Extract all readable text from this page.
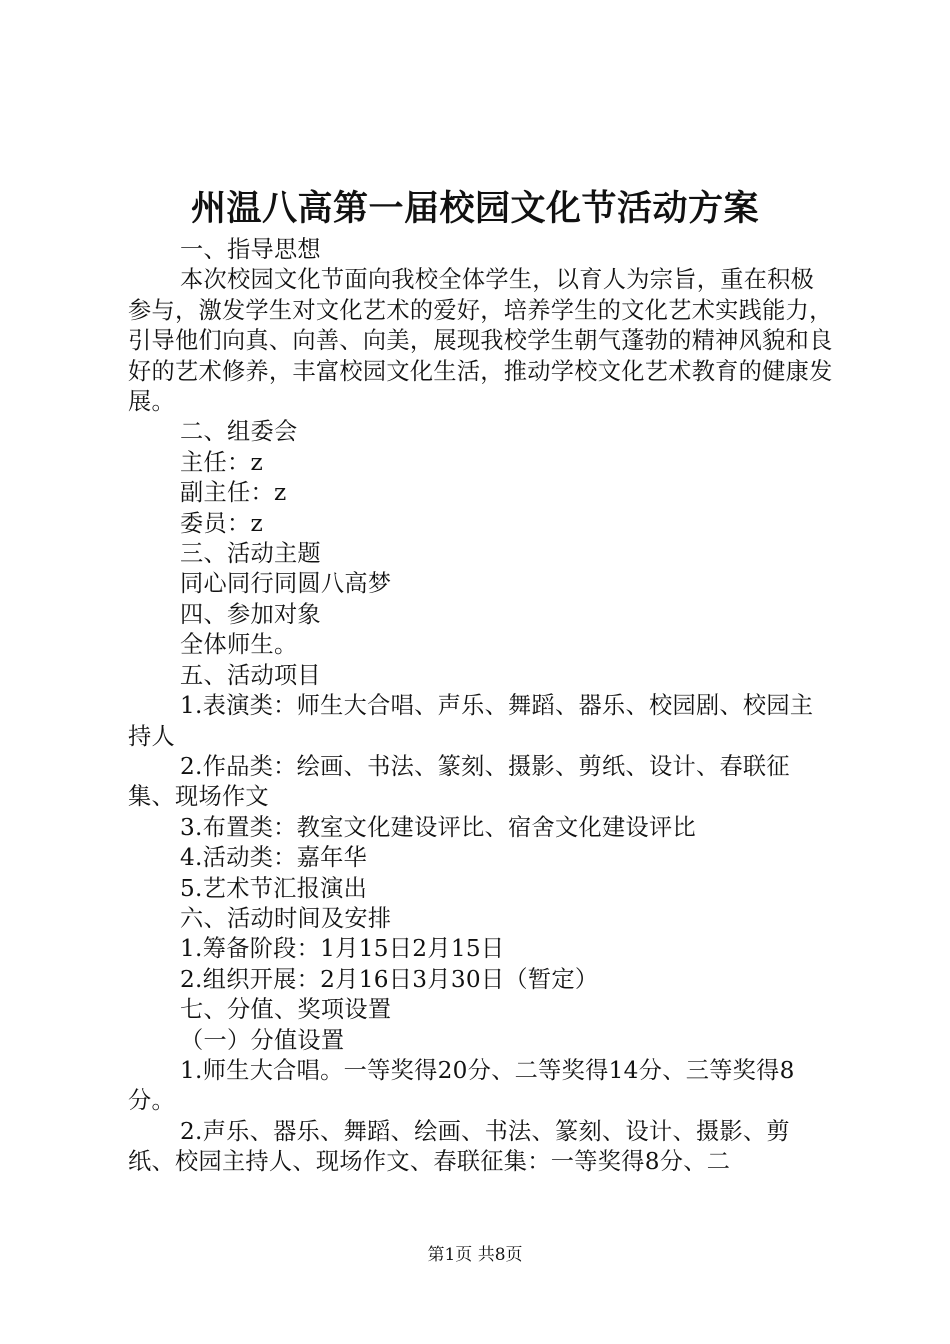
州温八高第一届校园文化节活动方案

一、指导思想

本次校园文化节面向我校全体学生，以育人为宗旨，重在积极参与，激发学生对文化艺术的爱好，培养学生的文化艺术实践能力，引导他们向真、向善、向美，展现我校学生朝气蓬勃的精神风貌和良好的艺术修养，丰富校园文化生活，推动学校文化艺术教育的健康发展。

二、组委会

主任：z

副主任：z

委员：z

三、活动主题

同心同行同圆八高梦

四、参加对象

全体师生。

五、活动项目

1.表演类：师生大合唱、声乐、舞蹈、器乐、校园剧、校园主持人

2.作品类：绘画、书法、篆刻、摄影、剪纸、设计、春联征集、现场作文

3.布置类：教室文化建设评比、宿舍文化建设评比

4.活动类：嘉年华

5.艺术节汇报演出

六、活动时间及安排

1.筹备阶段：1月15日2月15日

2.组织开展：2月16日3月30日（暂定）

七、分值、奖项设置

（一）分值设置

1.师生大合唱。一等奖得20分、二等奖得14分、三等奖得8分。

2.声乐、器乐、舞蹈、绘画、书法、篆刻、设计、摄影、剪纸、校园主持人、现场作文、春联征集：一等奖得8分、二

第1页 共8页
